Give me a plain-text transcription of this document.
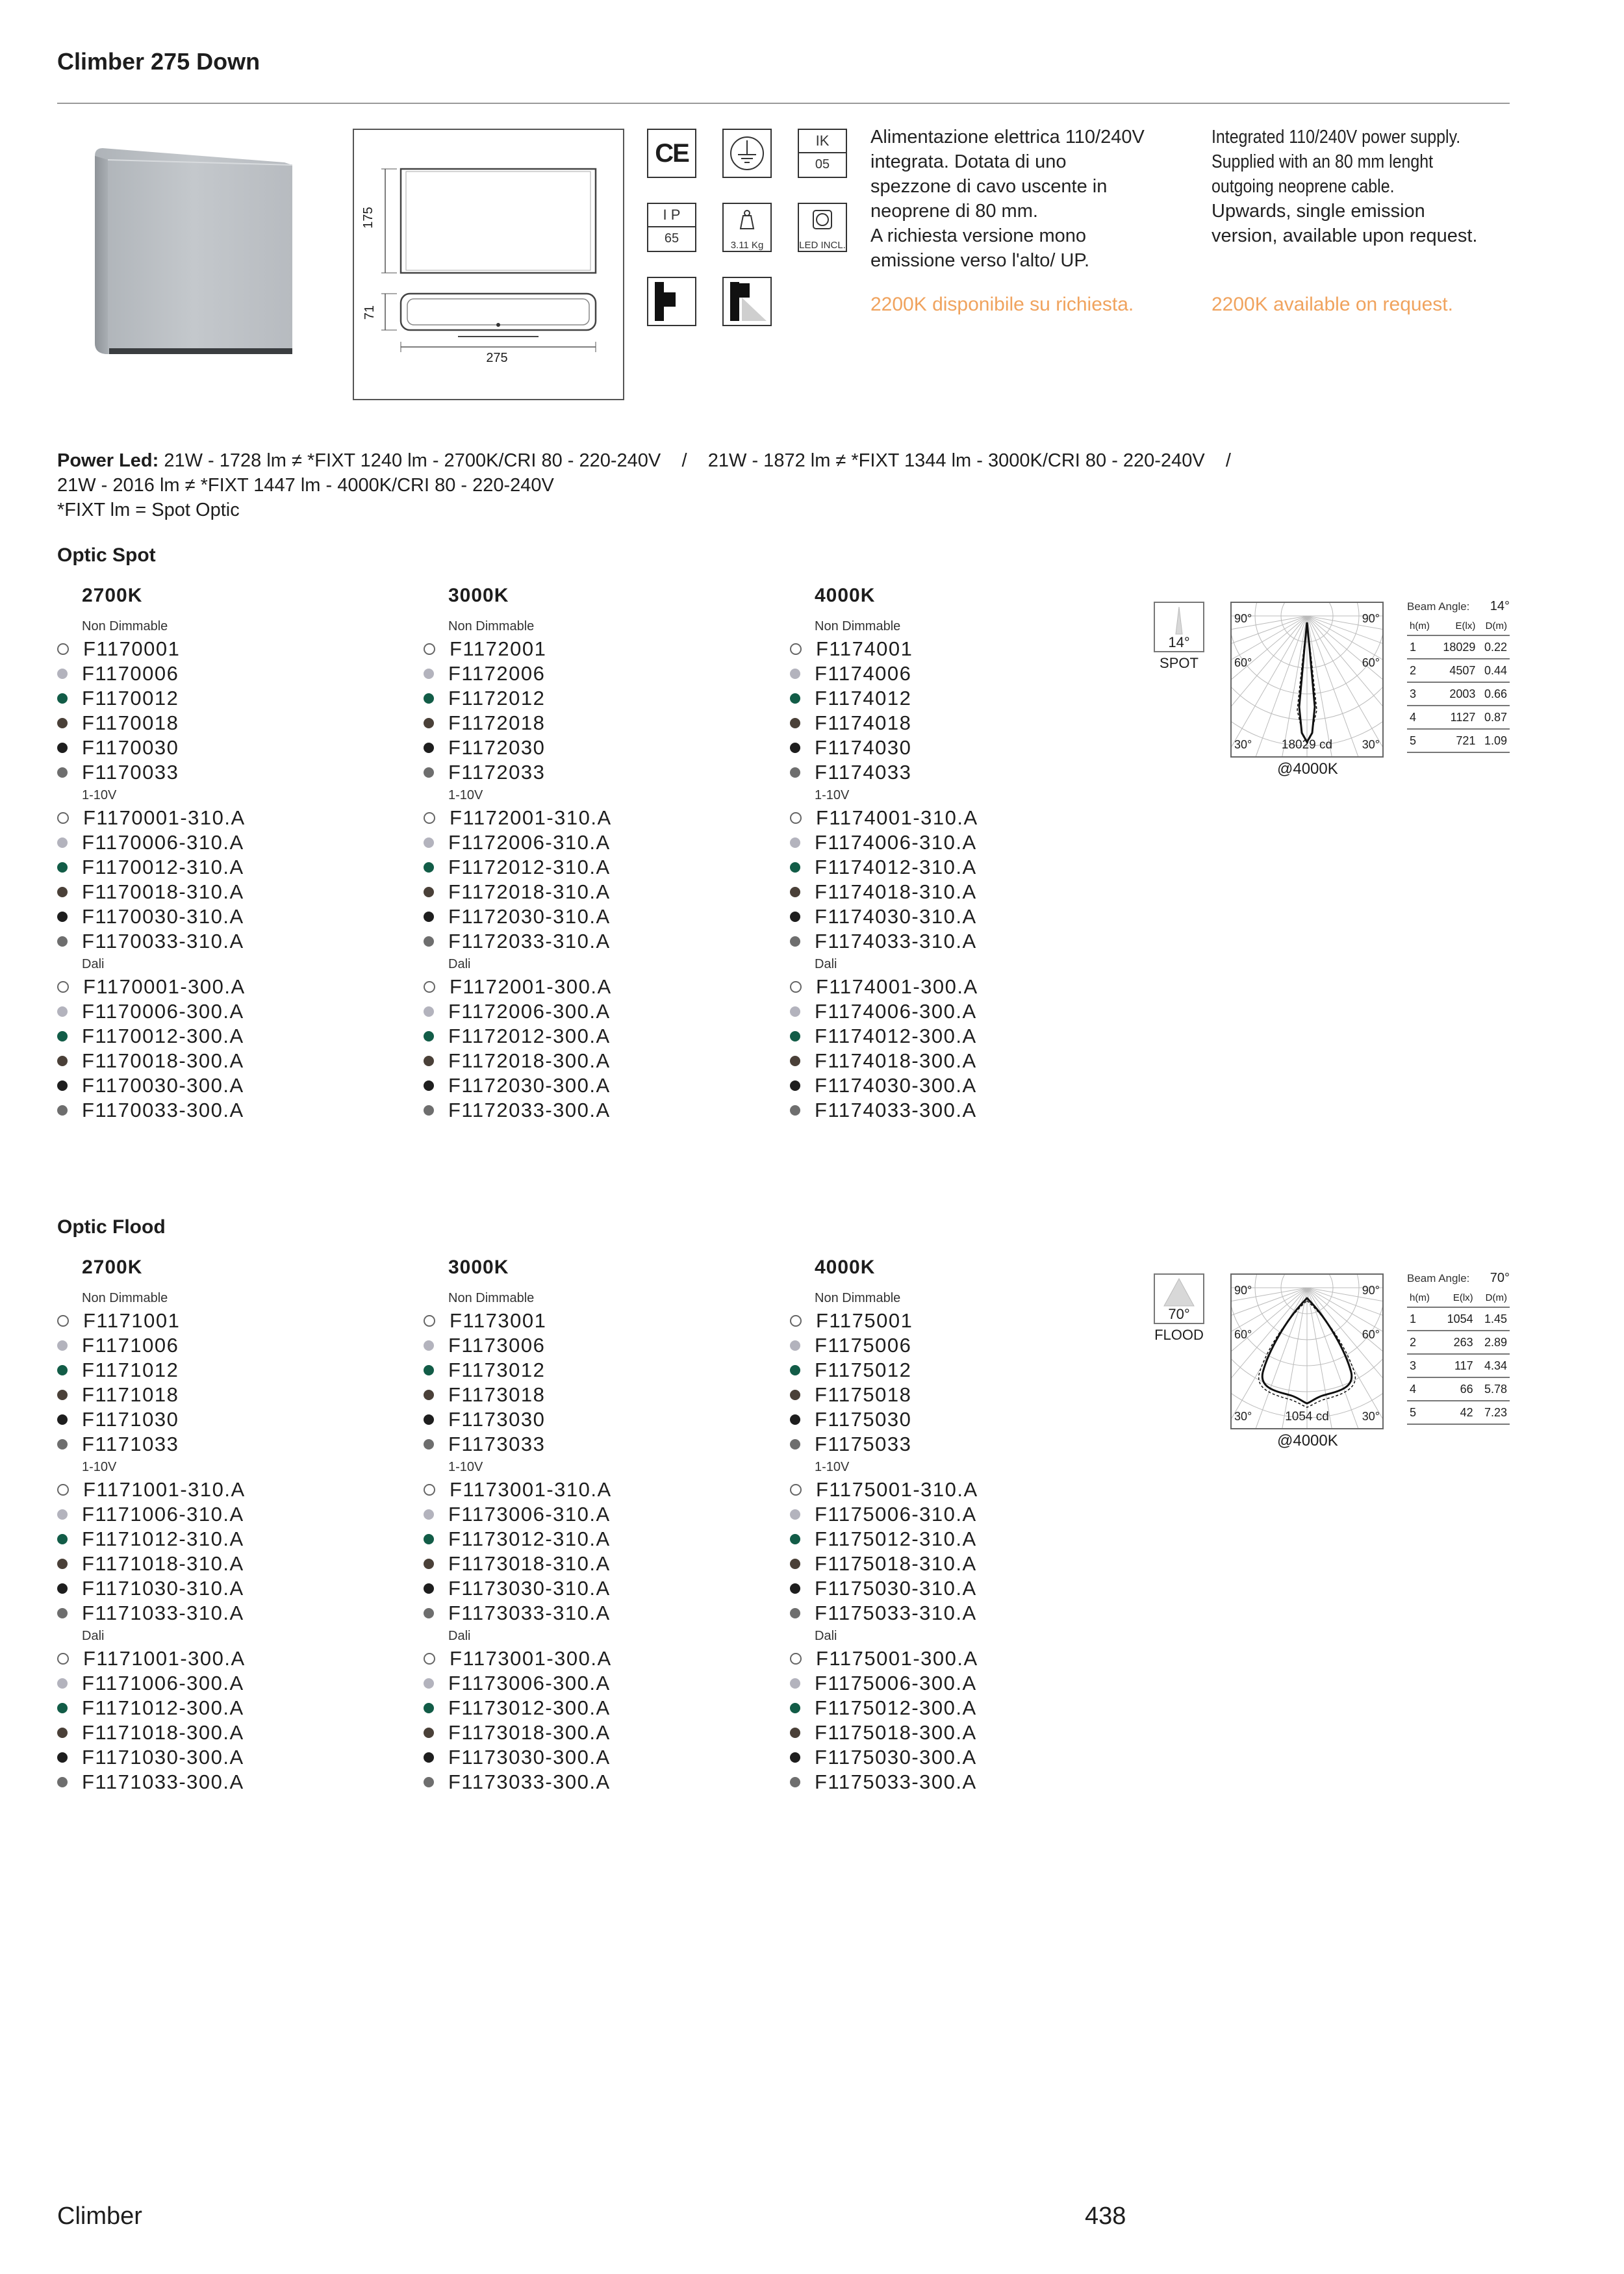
Climber 275 Down
175
71
275
CE	IK
05
I P
65	3.11 Kg	LED INCL.
Alimentazione elettrica 110/240V
integrata. Dotata di uno
spezzone di cavo uscente in
neoprene di 80 mm.
A richiesta versione mono
emissione verso l'alto/ UP.
2200K disponibile su richiesta.
Integrated 110/240V power supply.
Supplied with an 80 mm lenght
outgoing neoprene cable.
Upwards, single emission
version, available upon request.
2200K available on request.
Power Led: 21W - 1728 lm ≠ *FIXT 1240 lm - 2700K/CRI 80 - 220-240V    /    21W - 1872 lm ≠ *FIXT 1344 lm - 3000K/CRI 80 - 220-240V    /
21W - 2016 lm ≠ *FIXT 1447 lm - 4000K/CRI 80 - 220-240V
*FIXT lm = Spot Optic
Optic Spot
Optic Flood
2700K
Non Dimmable
F1170001
F1170006
F1170012
F1170018
F1170030
F1170033
1-10V
F1170001-310.A
F1170006-310.A
F1170012-310.A
F1170018-310.A
F1170030-310.A
F1170033-310.A
Dali
F1170001-300.A
F1170006-300.A
F1170012-300.A
F1170018-300.A
F1170030-300.A
F1170033-300.A
3000K
Non Dimmable
F1172001
F1172006
F1172012
F1172018
F1172030
F1172033
1-10V
F1172001-310.A
F1172006-310.A
F1172012-310.A
F1172018-310.A
F1172030-310.A
F1172033-310.A
Dali
F1172001-300.A
F1172006-300.A
F1172012-300.A
F1172018-300.A
F1172030-300.A
F1172033-300.A
4000K
Non Dimmable
F1174001
F1174006
F1174012
F1174018
F1174030
F1174033
1-10V
F1174001-310.A
F1174006-310.A
F1174012-310.A
F1174018-310.A
F1174030-310.A
F1174033-310.A
Dali
F1174001-300.A
F1174006-300.A
F1174012-300.A
F1174018-300.A
F1174030-300.A
F1174033-300.A
2700K
Non Dimmable
F1171001
F1171006
F1171012
F1171018
F1171030
F1171033
1-10V
F1171001-310.A
F1171006-310.A
F1171012-310.A
F1171018-310.A
F1171030-310.A
F1171033-310.A
Dali
F1171001-300.A
F1171006-300.A
F1171012-300.A
F1171018-300.A
F1171030-300.A
F1171033-300.A
3000K
Non Dimmable
F1173001
F1173006
F1173012
F1173018
F1173030
F1173033
1-10V
F1173001-310.A
F1173006-310.A
F1173012-310.A
F1173018-310.A
F1173030-310.A
F1173033-310.A
Dali
F1173001-300.A
F1173006-300.A
F1173012-300.A
F1173018-300.A
F1173030-300.A
F1173033-300.A
4000K
Non Dimmable
F1175001
F1175006
F1175012
F1175018
F1175030
F1175033
1-10V
F1175001-310.A
F1175006-310.A
F1175012-310.A
F1175018-310.A
F1175030-310.A
F1175033-310.A
Dali
F1175001-300.A
F1175006-300.A
F1175012-300.A
F1175018-300.A
F1175030-300.A
F1175033-300.A
14°
SPOT
90°	90°
60°	60°
30°	30°
18029 cd
@4000K
Beam Angle: 14°
h(m)	E(lx)	D(m)
1	18029	0.22
2	4507	0.44
3	2003	0.66
4	1127	0.87
5	721	1.09
70°
FLOOD
90°	90°
60°	60°
30°	30°
1054 cd
@4000K
Beam Angle: 70°
h(m)	E(lx)	D(m)
1	1054	1.45
2	263	2.89
3	117	4.34
4	66	5.78
5	42	7.23
Climber	438
